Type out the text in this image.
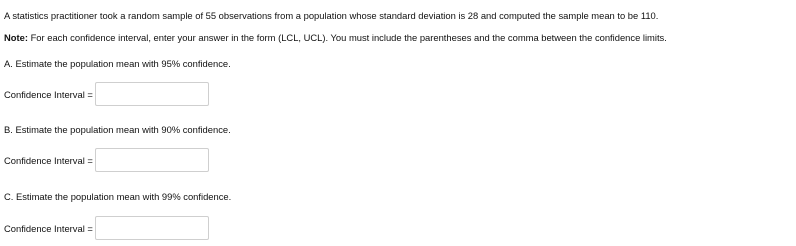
A statistics practitioner took a random sample of 55 observations from a population whose standard deviation is 28 and computed the sample mean to be 110.
Note: For each confidence interval, enter your answer in the form (LCL, UCL). You must include the parentheses and the comma between the confidence limits.
A. Estimate the population mean with 95% confidence.
Confidence Interval =
B. Estimate the population mean with 90% confidence.
Confidence Interval =
C. Estimate the population mean with 99% confidence.
Confidence Interval =
